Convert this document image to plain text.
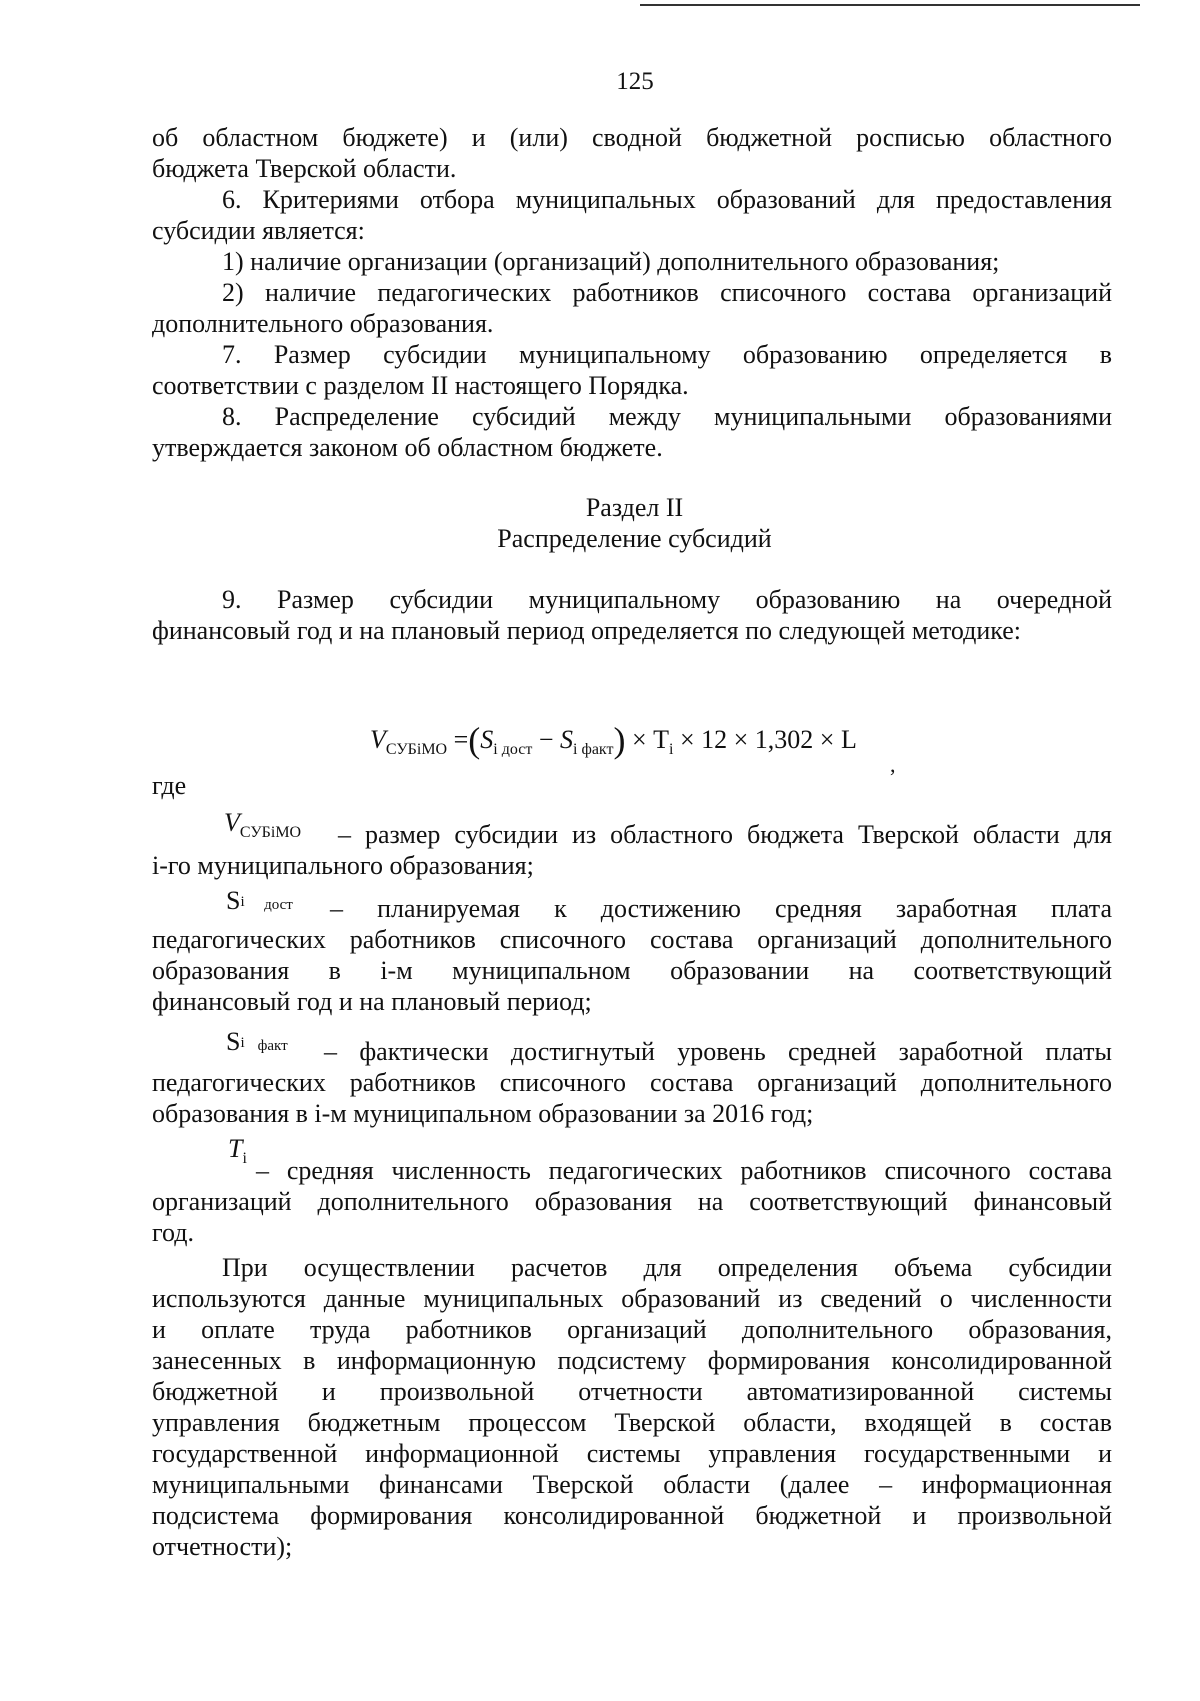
125
об областном бюджете) и (или) сводной бюджетной росписью областного
бюджета Тверской области.
6. Критериями отбора муниципальных образований для предоставления
субсидии является:
1) наличие организации (организаций) дополнительного образования;
2) наличие педагогических работников списочного состава организаций
дополнительного образования.
7. Размер субсидии муниципальному образованию определяется в
соответствии с разделом II настоящего Порядка.
8. Распределение субсидий между муниципальными образованиями
утверждается законом об областном бюджете.
Раздел II
Распределение субсидий
9. Размер субсидии муниципальному образованию на очередной
финансовый год и на плановый период определяется по следующей методике:
$V_{СУБiМО} =(S_{i дост} - S_{i факт}) \times T_i \times 12 \times 1,302 \times L$
,
где
$V_{СУБiМО}$	– размер субсидии из областного бюджета Тверской области для
i-го муниципального образования;
Si дост	– планируемая к достижению средняя заработная плата
педагогических работников списочного состава организаций дополнительного
образования в i-м муниципальном образовании на соответствующий
финансовый год и на плановый период;
Si факт	– фактически достигнутый уровень средней заработной платы
педагогических работников списочного состава организаций дополнительного
образования в i-м муниципальном образовании за 2016 год;
$T_i$ – средняя численность педагогических работников списочного состава
организаций дополнительного образования на соответствующий финансовый
год.
При осуществлении расчетов для определения объема субсидии
используются данные муниципальных образований из сведений о численности
и оплате труда работников организаций дополнительного образования,
занесенных в информационную подсистему формирования консолидированной
бюджетной и произвольной отчетности автоматизированной системы
управления бюджетным процессом Тверской области, входящей в состав
государственной информационной системы управления государственными и
муниципальными финансами Тверской области (далее – информационная
подсистема формирования консолидированной бюджетной и произвольной
отчетности);
